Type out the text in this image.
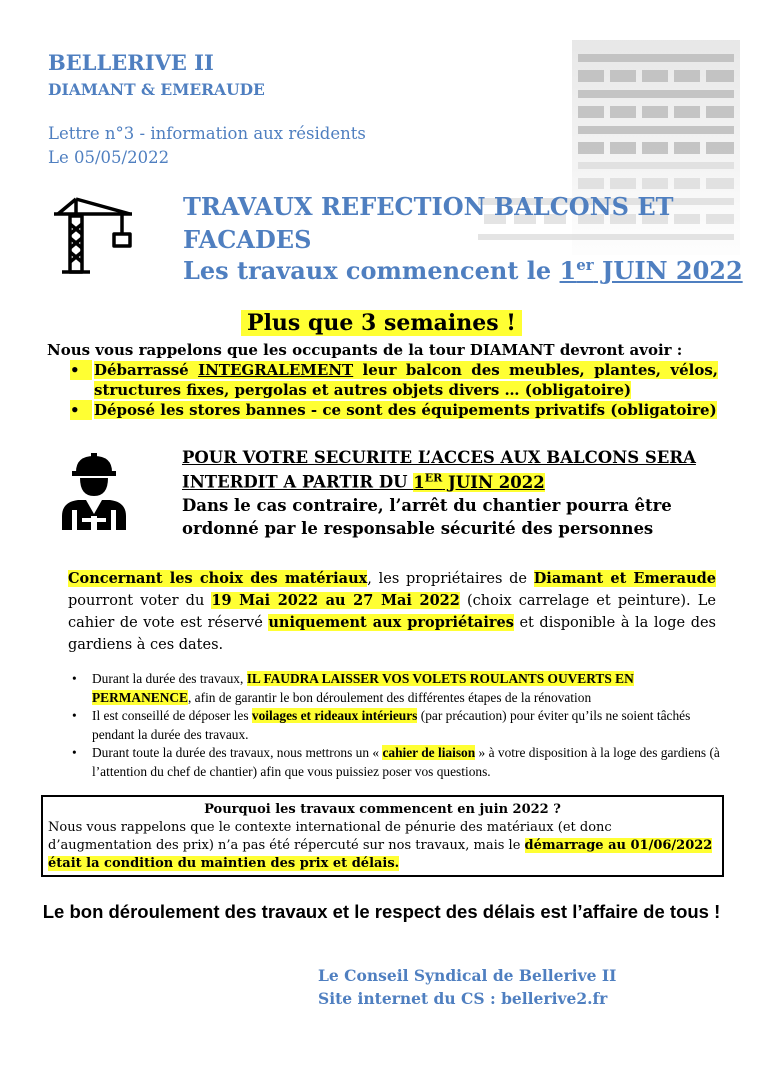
BELLERIVE II
DIAMANT & EMERAUDE
Lettre n°3 - information aux résidents
Le 05/05/2022
TRAVAUX REFECTION BALCONS ET
FACADES
Les travaux commencent le 1er JUIN 2022
Plus que 3 semaines !
Nous vous rappelons que les occupants de la tour DIAMANT devront avoir :
• Débarrassé INTEGRALEMENT leur balcon des meubles, plantes, vélos, structures fixes, pergolas et autres objets divers … (obligatoire)
• Déposé les stores bannes - ce sont des équipements privatifs (obligatoire)
POUR VOTRE SECURITE L’ACCES AUX BALCONS SERA
INTERDIT A PARTIR DU 1ER JUIN 2022
Dans le cas contraire, l’arrêt du chantier pourra être
ordonné par le responsable sécurité des personnes
Concernant les choix des matériaux, les propriétaires de Diamant et Emeraude pourront voter du 19 Mai 2022 au 27 Mai 2022 (choix carrelage et peinture). Le cahier de vote est réservé uniquement aux propriétaires et disponible à la loge des gardiens à ces dates.
• Durant la durée des travaux, IL FAUDRA LAISSER VOS VOLETS ROULANTS OUVERTS EN PERMANENCE, afin de garantir le bon déroulement des différentes étapes de la rénovation
• Il est conseillé de déposer les voilages et rideaux intérieurs (par précaution) pour éviter qu’ils ne soient tâchés pendant la durée des travaux.
• Durant toute la durée des travaux, nous mettrons un « cahier de liaison » à votre disposition à la loge des gardiens (à l’attention du chef de chantier) afin que vous puissiez poser vos questions.
Pourquoi les travaux commencent en juin 2022 ?
Nous vous rappelons que le contexte international de pénurie des matériaux (et donc d’augmentation des prix) n’a pas été répercuté sur nos travaux, mais le démarrage au 01/06/2022 était la condition du maintien des prix et délais.
Le bon déroulement des travaux et le respect des délais est l’affaire de tous !
Le Conseil Syndical de Bellerive II
Site internet du CS : bellerive2.fr
